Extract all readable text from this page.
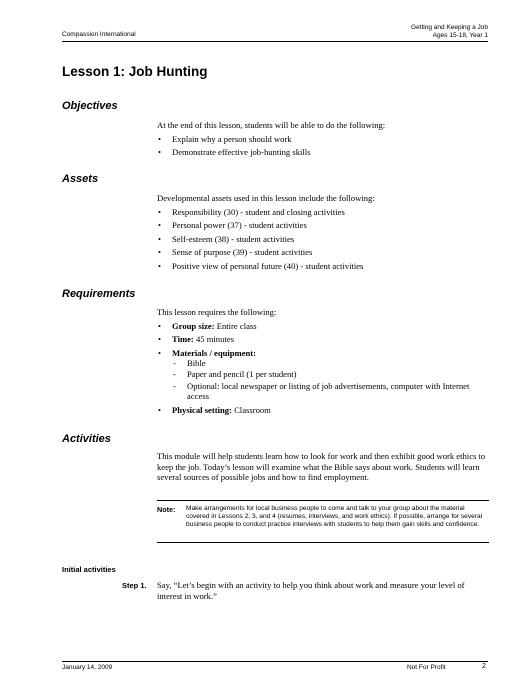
Compassion International
Getting and Keeping a Job
Ages 15-18, Year 1
Lesson 1: Job Hunting
Objectives

At the end of this lesson, students will be able to do the following:

• Explain why a person should work
• Demonstrate effective job-hunting skills
Assets

Developmental assets used in this lesson include the following:

• Responsibility (30) - student and closing activities
• Personal power (37) - student activities
• Self-esteem (38) - student activities
• Sense of purpose (39) - student activities
• Positive view of personal future (40) - student activities
Requirements

This lesson requires the following:

• Group size: Entire class
• Time: 45 minutes
• Materials / equipment:
- Bible
- Paper and pencil (1 per student)
- Optional: local newspaper or listing of job advertisements, computer with Internet access
• Physical setting: Classroom
Activities
This module will help students learn how to look for work and then exhibit good work ethics to keep the job. Today’s lesson will examine what the Bible says about work. Students will learn several sources of possible jobs and how to find employment.
Note: Make arrangements for local business people to come and talk to your group about the material covered in Lessons 2, 3, and 4 (resumes, interviews, and work ethics). If possible, arrange for several business people to conduct practice interviews with students to help them gain skills and confidence.
Initial activities
Step 1. Say, “Let’s begin with an activity to help you think about work and measure your level of interest in work.”
January 14, 2009	Not For Profit	2
